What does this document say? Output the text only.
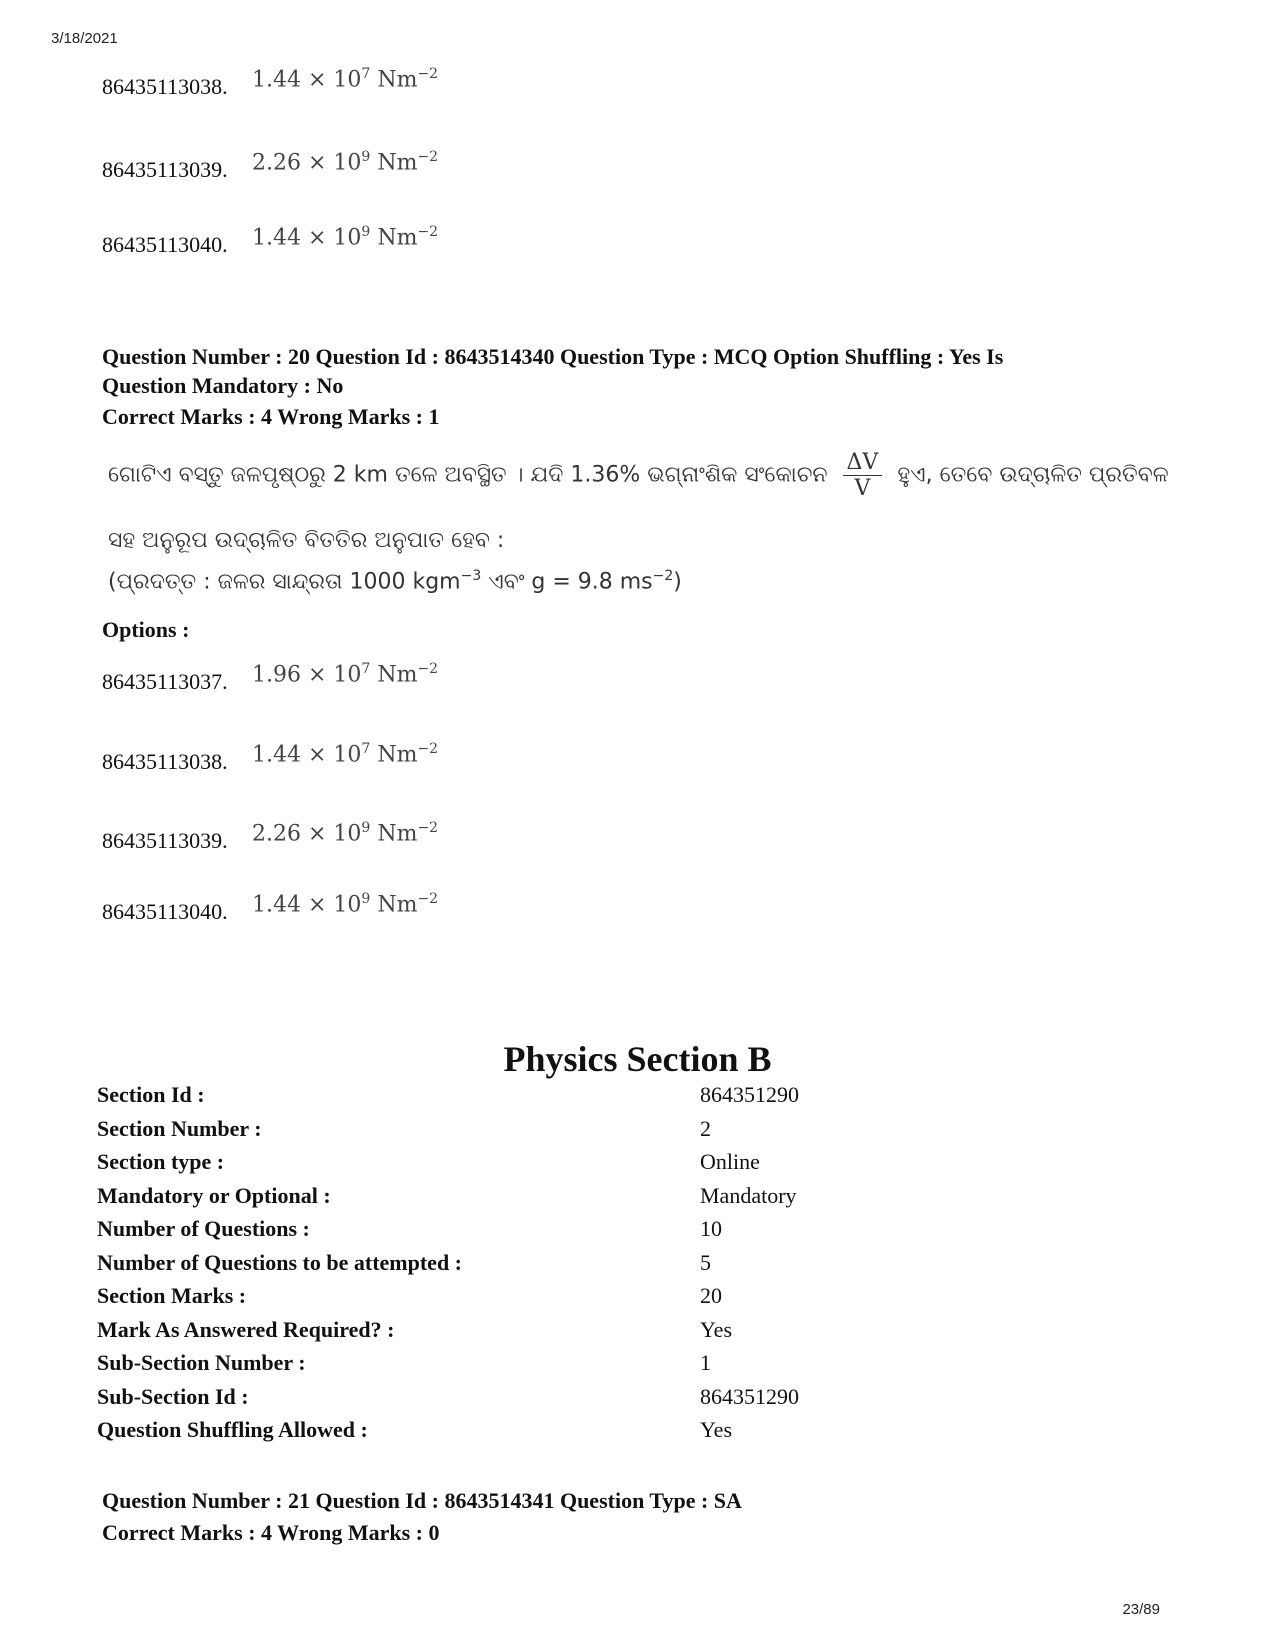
3/18/2021
86435113038. $1.44 \times 10^7$ $Nm^{-2}$
86435113039. $2.26 \times 10^9$ $Nm^{-2}$
86435113040. $1.44 \times 10^9$ $Nm^{-2}$
Question Number : 20 Question Id : 8643514340 Question Type : MCQ Option Shuffling : Yes Is
Question Mandatory : No
Correct Marks : 4 Wrong Marks : 1
ଗୋଟିଏ ବସ୍ତୁ ଜଳପୃଷ୍ଠରୁ 2 km ତଳେ ଅବସ୍ଥିତ । ଯଦି 1.36% ଭଗ୍ନାଂଶିକ ସଂକୋଚନ $\frac{\Delta V}{V}$ ହୁଏ, ତେବେ ଉଦ୍‌ଚାଳିତ ପ୍ରତିବଳ
ସହ ଅନୁରୂପ ଉଦ୍‌ଚାଳିତ ବିତତିର ଅନୁପାତ ହେବ :
(ପ୍ରଦତ୍ତ : ଜଳର ସାନ୍ଦ୍ରତା 1000 kgm$^{-3}$ ଏବଂ g = 9.8 $ms^{-2}$)
Options :
86435113037. $1.96 \times 10^7$ $Nm^{-2}$
86435113038. $1.44 \times 10^7$ $Nm^{-2}$
86435113039. $2.26 \times 10^9$ $Nm^{-2}$
86435113040. $1.44 \times 10^9$ $Nm^{-2}$
Physics Section B
Section Id :	864351290
Section Number :	2
Section type :	Online
Mandatory or Optional :	Mandatory
Number of Questions :	10
Number of Questions to be attempted :	5
Section Marks :	20
Mark As Answered Required? :	Yes
Sub-Section Number :	1
Sub-Section Id :	864351290
Question Shuffling Allowed :	Yes
Question Number : 21 Question Id : 8643514341 Question Type : SA
Correct Marks : 4 Wrong Marks : 0
23/89
